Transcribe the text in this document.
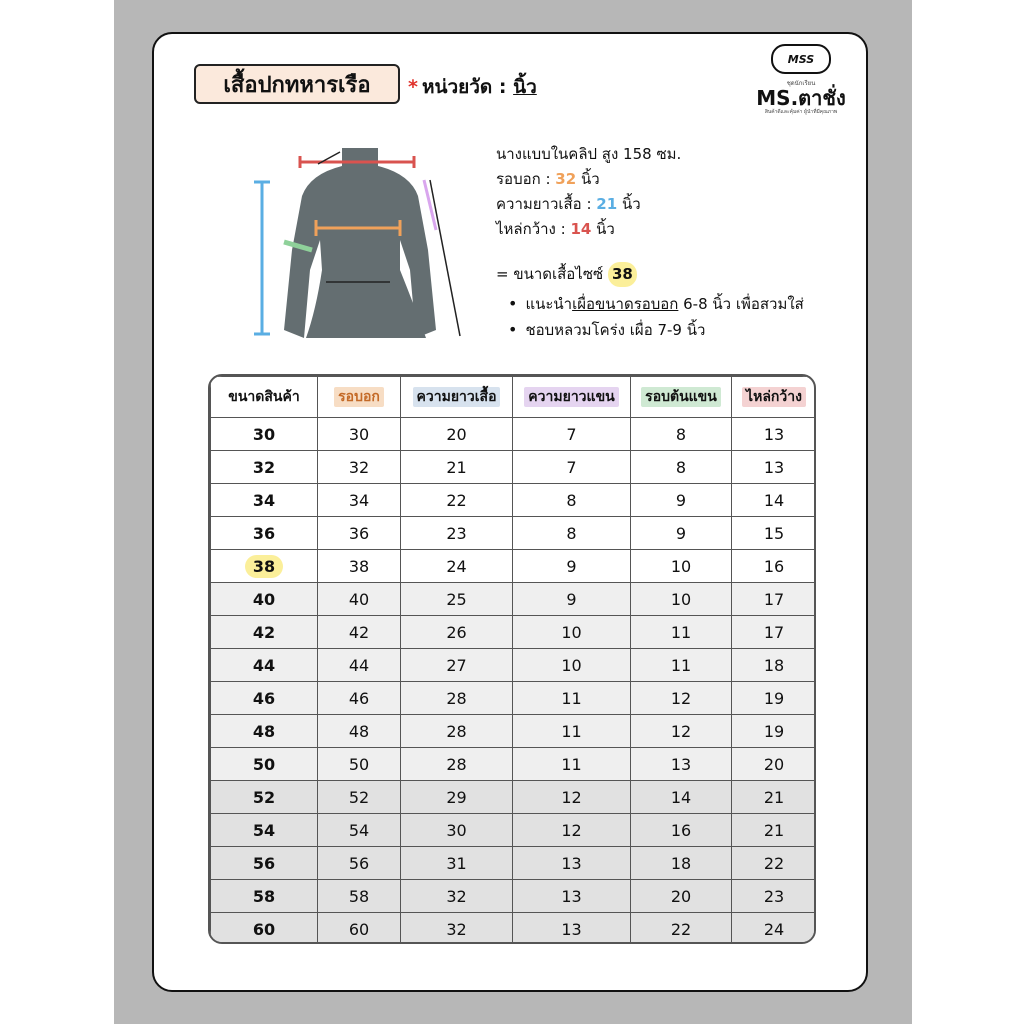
เสื้อปกทหารเรือ	* หน่วยวัด : นิ้ว
MSS
ชุดนักเรียน
MS.ตาชั่ง
สินค้าดีและคุ้มค่า ผู้นำที่มีคุณภาพ
นางแบบในคลิป สูง 158 ซม.
รอบอก : 32 นิ้ว
ความยาวเสื้อ : 21 นิ้ว
ไหล่กว้าง : 14 นิ้ว
= ขนาดเสื้อไซซ์ 38
• แนะนำเผื่อขนาดรอบอก 6-8 นิ้ว เพื่อสวมใส่
• ชอบหลวมโคร่ง เผื่อ 7-9 นิ้ว
ขนาดสินค้า	รอบอก	ความยาวเสื้อ	ความยาวแขน	รอบต้นแขน	ไหล่กว้าง
30	30	20	7	8	13
32	32	21	7	8	13
34	34	22	8	9	14
36	36	23	8	9	15
38	38	24	9	10	16
40	40	25	9	10	17
42	42	26	10	11	17
44	44	27	10	11	18
46	46	28	11	12	19
48	48	28	11	12	19
50	50	28	11	13	20
52	52	29	12	14	21
54	54	30	12	16	21
56	56	31	13	18	22
58	58	32	13	20	23
60	60	32	13	22	24
